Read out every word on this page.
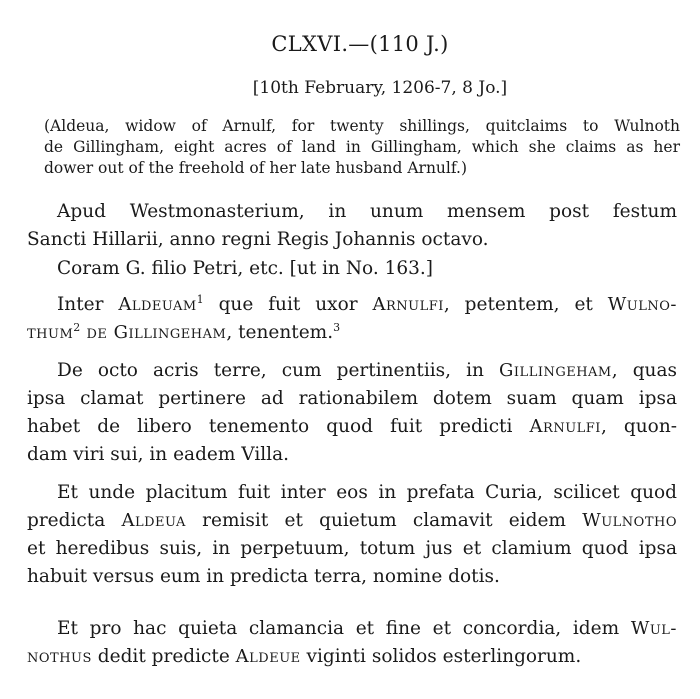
CLXVI.—(110 J.)
[10th February, 1206-7, 8 Jo.]
(Aldeua, widow of Arnulf, for twenty shillings, quitclaims to Wulnoth
de Gillingham, eight acres of land in Gillingham, which she claims as her
dower out of the freehold of her late husband Arnulf.)
Apud Westmonasterium, in unum mensem post festum
Sancti Hillarii, anno regni Regis Johannis octavo.
Coram G. filio Petri, etc. [ut in No. 163.]
Inter Aldeuam$^1$ que fuit uxor Arnulfi, petentem, et Wulno-
thum$^2$ de Gillingeham, tenentem.$^3$
De octo acris terre, cum pertinentiis, in Gillingeham, quas
ipsa clamat pertinere ad rationabilem dotem suam quam ipsa
habet de libero tenemento quod fuit predicti Arnulfi, quon-
dam viri sui, in eadem Villa.
Et unde placitum fuit inter eos in prefata Curia, scilicet quod
predicta Aldeua remisit et quietum clamavit eidem Wulnotho
et heredibus suis, in perpetuum, totum jus et clamium quod ipsa
habuit versus eum in predicta terra, nomine dotis.
Et pro hac quieta clamancia et fine et concordia, idem Wul-
nothus dedit predicte Aldeue viginti solidos esterlingorum.
